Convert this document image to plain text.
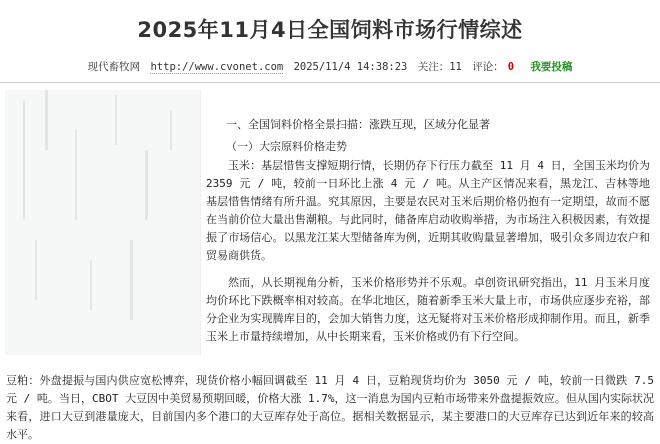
2025年11月4日全国饲料市场行情综述
现代畜牧网 http://www.cvonet.com 2025/11/4 14:38:23 关注：11 评论： 0 我要投稿
一、全国饲料价格全景扫描：涨跌互现，区域分化显著
（一）大宗原料价格走势

玉米：基层惜售支撑短期行情，长期仍存下行压力截至 11 月 4 日，全国玉米均价为 2359 元 / 吨，较前一日环比上涨 4 元 / 吨。从主产区情况来看，黑龙江、吉林等地基层惜售情绪有所升温。究其原因，主要是农民对玉米后期价格仍抱有一定期望，故而不愿在当前价位大量出售潮粮。与此同时，储备库启动收购举措，为市场注入积极因素，有效提振了市场信心。以黑龙江某大型储备库为例，近期其收购量显著增加，吸引众多周边农户和贸易商供货。

然而，从长期视角分析，玉米价格形势并不乐观。卓创资讯研究指出，11 月玉米月度均价环比下跌概率相对较高。在华北地区，随着新季玉米大量上市，市场供应逐步充裕，部分企业为实现腾库目的，会加大销售力度，这无疑将对玉米价格形成抑制作用。而且，新季玉米上市量持续增加，从中长期来看，玉米价格或仍有下行空间。

豆粕：外盘提振与国内供应宽松博弈，现货价格小幅回调截至 11 月 4 日，豆粕现货均价为 3050 元 / 吨，较前一日微跌 7.5 元 / 吨。当日，CBOT 大豆因中美贸易预期回暖，价格大涨 1.7%，这一消息为国内豆粕市场带来外盘提振效应。但从国内实际状况来看，进口大豆到港量庞大，目前国内多个港口的大豆库存处于高位。据相关数据显示，某主要港口的大豆库存已达到近年来的较高水平。
